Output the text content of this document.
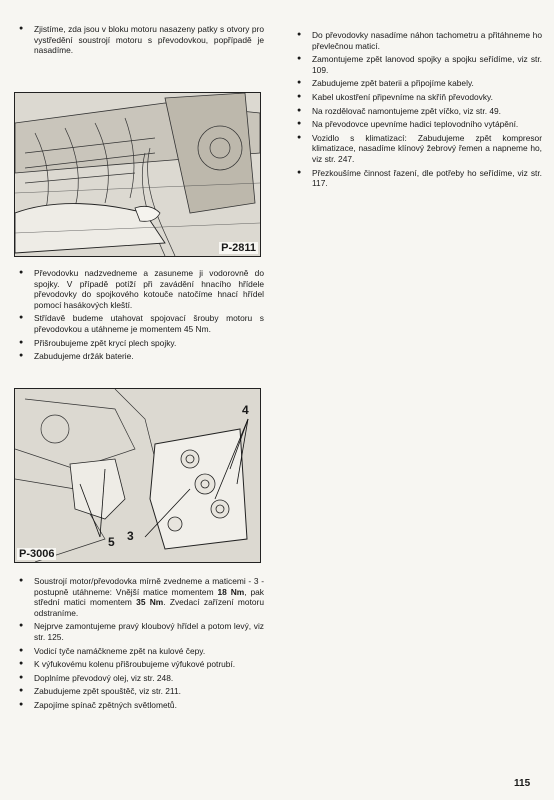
● Zjistíme, zda jsou v bloku motoru nasazeny patky s otvory pro vystředění soustrojí motoru s převodovkou, popřípadě je nasadíme.
P-2811
● Převodovku nadzvedneme a zasuneme ji vodorovně do spojky. V případě potíží při zavádění hnacího hřídele převodovky do spojkového kotouče natočíme hnací hřídel pomocí hasákových kleští.
● Střídavě budeme utahovat spojovací šrouby motoru s převodovkou a utáhneme je momentem 45 Nm.
● Přišroubujeme zpět krycí plech spojky.
● Zabudujeme držák baterie.
4
5 3
P-3006
● Soustrojí motor/převodovka mírně zvedneme a maticemi - 3 - postupně utáhneme: Vnější matice momentem 18 Nm, pak střední matici momentem 35 Nm. Zvedací zařízení motoru odstraníme.
● Nejprve zamontujeme pravý kloubový hřídel a potom levý, viz str. 125.
● Vodicí tyče namáčkneme zpět na kulové čepy.
● K výfukovému kolenu přišroubujeme výfukové potrubí.
● Doplníme převodový olej, viz str. 248.
● Zabudujeme zpět spouštěč, viz str. 211.
● Zapojíme spínač zpětných světlometů.
● Do převodovky nasadíme náhon tachometru a přitáhneme ho převlečnou maticí.
● Zamontujeme zpět lanovod spojky a spojku seřídíme, viz str. 109.
● Zabudujeme zpět baterii a připojíme kabely.
● Kabel ukostření připevníme na skříň převodovky.
● Na rozdělovač namontujeme zpět víčko, viz str. 49.
● Na převodovce upevníme hadici teplovodního vytápění.
● Vozidlo s klimatizací: Zabudujeme zpět kompresor klimatizace, nasadíme klínový žebrový řemen a napneme ho, viz str. 247.
● Přezkoušíme činnost řazení, dle potřeby ho seřídíme, viz str. 117.
115
